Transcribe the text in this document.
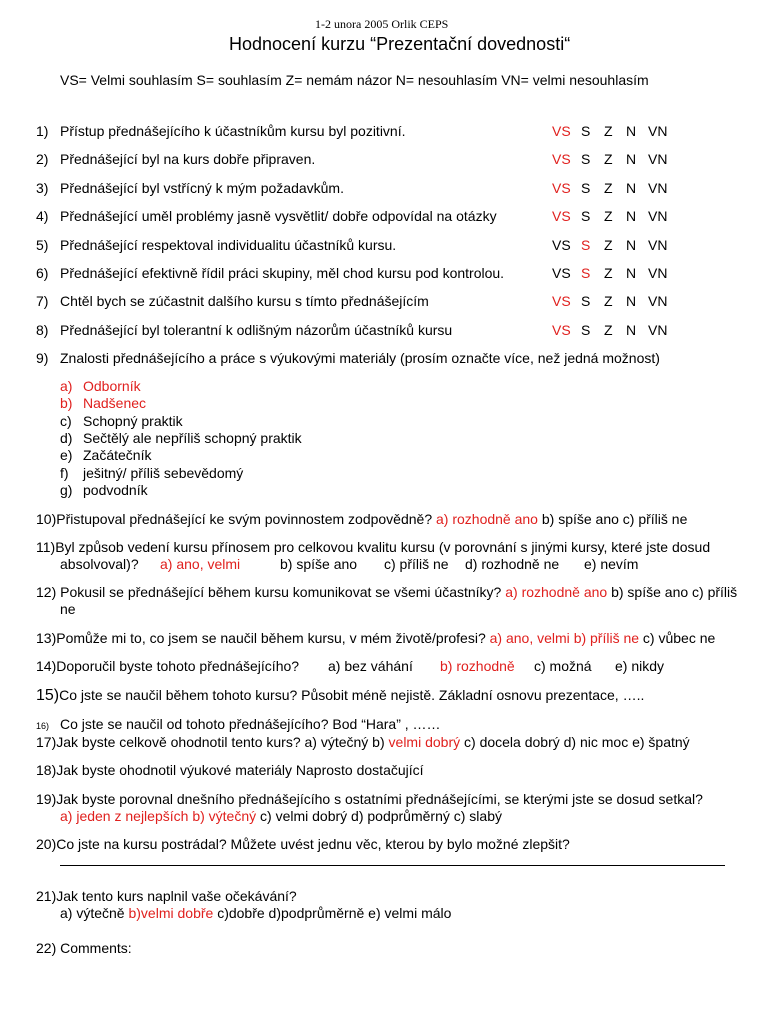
1-2 unora 2005 Orlik CEPS
Hodnocení kurzu “Prezentační dovednosti“
VS= Velmi souhlasím S= souhlasím Z= nemám názor N= nesouhlasím VN= velmi nesouhlasím
1) Přístup přednášejícího k účastníkům kursu byl pozitivní.	VS S Z N VN
2) Přednášející byl na kurs dobře připraven.	VS S Z N VN
3) Přednášející byl vstřícný k mým požadavkům.	VS S Z N VN
4) Přednášející uměl problémy jasně vysvětlit/ dobře odpovídal na otázky	VS S Z N VN
5) Přednášející respektoval individualitu účastníků kursu.	VS S Z N VN
6) Přednášející efektivně řídil práci skupiny, měl chod kursu pod kontrolou.	VS S Z N VN
7) Chtěl bych se zúčastnit dalšího kursu s tímto přednášejícím	VS S Z N VN
8) Přednášející byl tolerantní k odlišným názorům účastníků kursu	VS S Z N VN
9) Znalosti přednášejícího a práce s výukovými materiály (prosím označte více, než jedná možnost)
a) Odborník
b) Nadšenec
c) Schopný praktik
d) Sečtělý ale nepříliš schopný praktik
e) Začátečník
f) ješitný/ příliš sebevědomý
g) podvodník
10)Přistupoval přednášející ke svým povinnostem zodpovědně? a) rozhodně ano b) spíše ano c) příliš ne
11)Byl způsob vedení kursu přínosem pro celkovou kvalitu kursu (v porovnání s jinými kursy, které jste dosud
absolvoval)? a) ano, velmi	b) spíše ano c) příliš ne d) rozhodně ne e) nevím
12) Pokusil se přednášející během kursu komunikovat se všemi účastníky? a) rozhodně ano b) spíše ano c) příliš
ne
13)Pomůže mi to, co jsem se naučil během kursu, v mém životě/profesi? a) ano, velmi b) příliš ne c) vůbec ne
14)Doporučil byste tohoto přednášejícího? a) bez váhání b) rozhodně c) možná e) nikdy
15)Co jste se naučil během tohoto kursu? Působit méně nejistě. Základní osnovu prezentace, …..
16) Co jste se naučil od tohoto přednášejícího? Bod “Hara” , ……
17)Jak byste celkově ohodnotil tento kurs? a) výtečný b) velmi dobrý c) docela dobrý d) nic moc e) špatný
18)Jak byste ohodnotil výukové materiály Naprosto dostačující
19)Jak byste porovnal dnešního přednášejícího s ostatními přednášejícími, se kterými jste se dosud setkal?
a) jeden z nejlepších b) výtečný c) velmi dobrý d) podprůměrný c) slabý
20)Co jste na kursu postrádal? Můžete uvést jednu věc, kterou by bylo možné zlepšit?
21)Jak tento kurs naplnil vaše očekávání?
a) výtečně b)velmi dobře c)dobře d)podprůměrně e) velmi málo
22) Comments:
